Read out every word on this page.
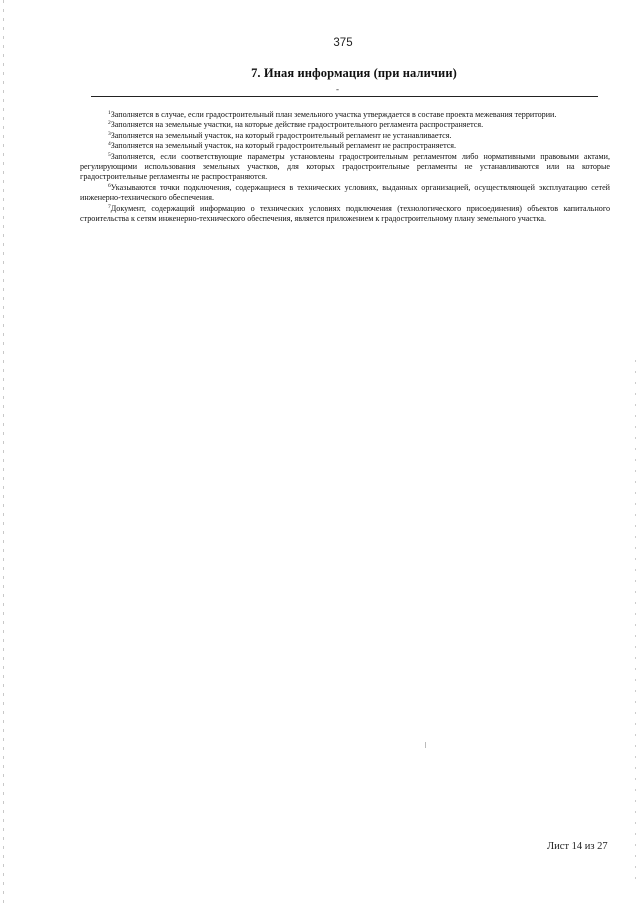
375
7. Иная информация (при наличии)
-

$^1$Заполняется в случае, если градостроительный план земельного участка утверждается в составе проекта межевания территории.

$^2$Заполняется на земельные участки, на которые действие градостроительного регламента распространяется.

$^3$Заполняется на земельный участок, на который градостроительный регламент не устанавливается.

$^4$Заполняется на земельный участок, на который градостроительный регламент не распространяется.

$^5$Заполняется, если соответствующие параметры установлены градостроительным регламентом либо нормативными правовыми актами, регулирующими использования земельных участков, для которых градостроительные регламенты не устанавливаются или на которые градостроительные регламенты не распространяются.

$^6$Указываются точки подключения, содержащиеся в технических условиях, выданных организацией, осуществляющей эксплуатацию сетей инженерно-технического обеспечения.

$^7$Документ, содержащий информацию о технических условиях подключения (технологического присоединения) объектов капитального строительства к сетям инженерно-технического обеспечения, является приложением к градостроительному плану земельного участка.

Лист 14 из 27
